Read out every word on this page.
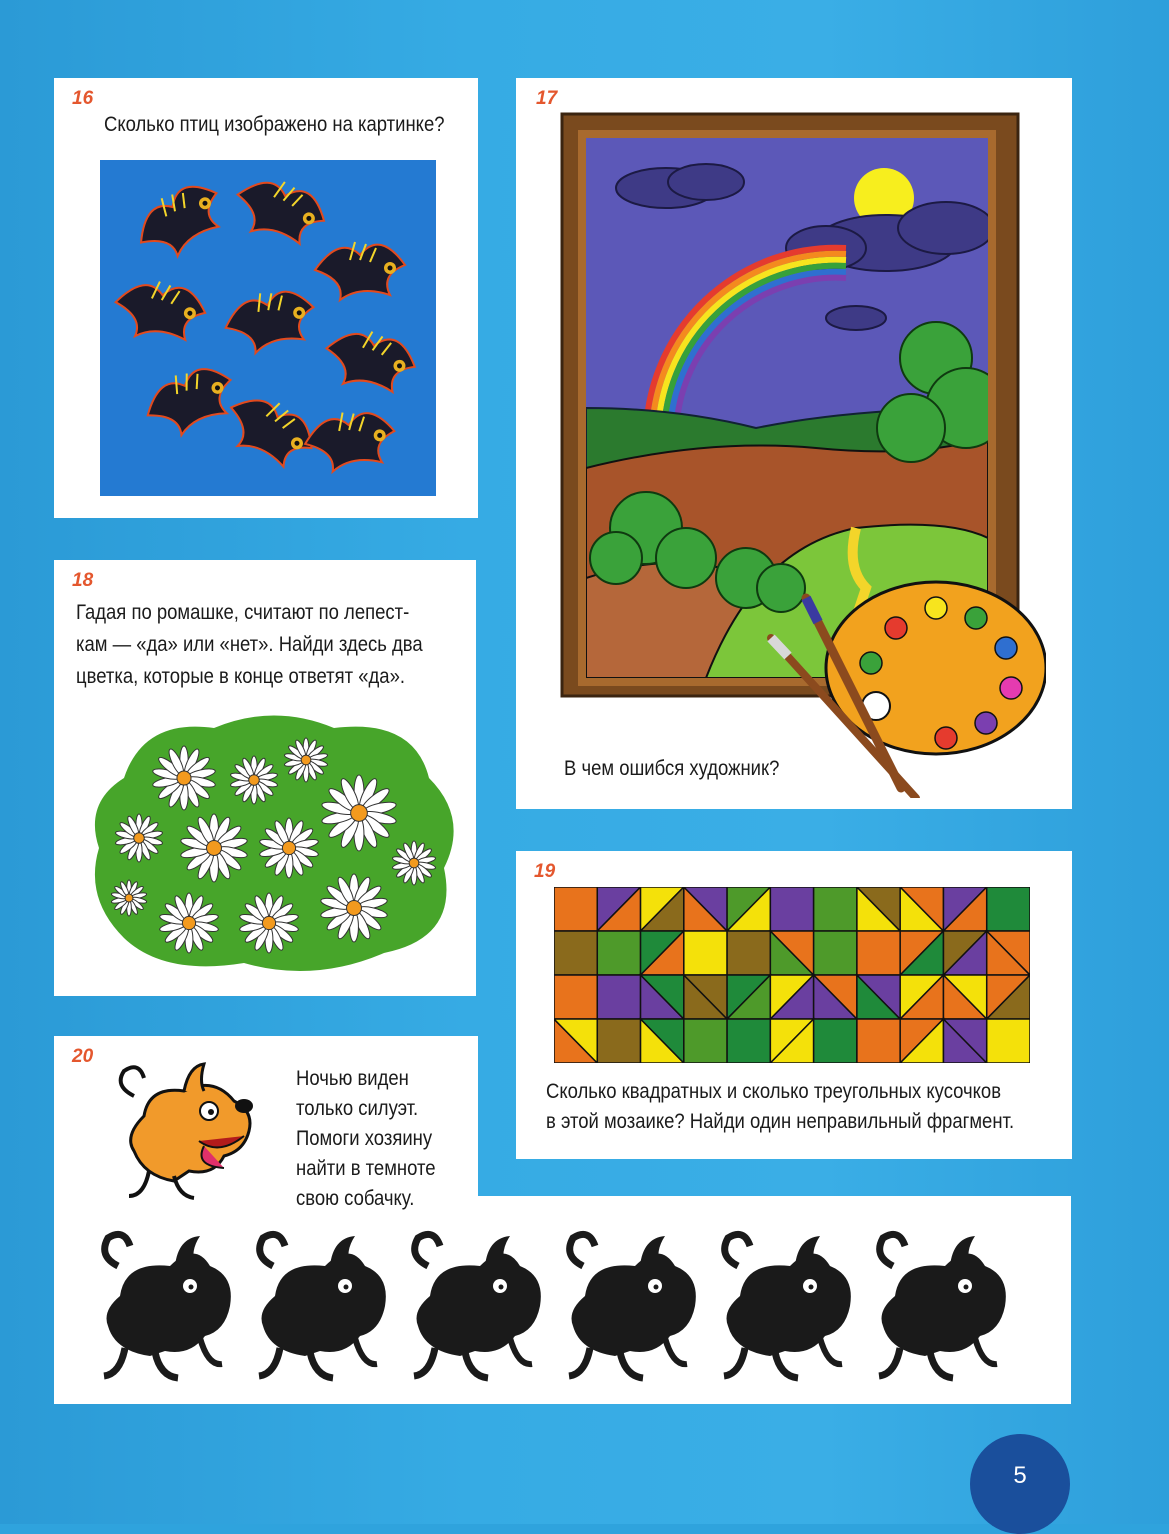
16
Сколько птиц изображено на картинке?
17
В чем ошибся художник?
18
Гадая по ромашке, считают по лепест-
кам — «да» или «нет». Найди здесь два
цветка, которые в конце ответят «да».
19
Сколько квадратных и сколько треугольных кусочков
в этой мозаике? Найди один неправильный фрагмент.
20
Ночью виден
только силуэт.
Помоги хозяину
найти в темноте
свою собачку.
5
